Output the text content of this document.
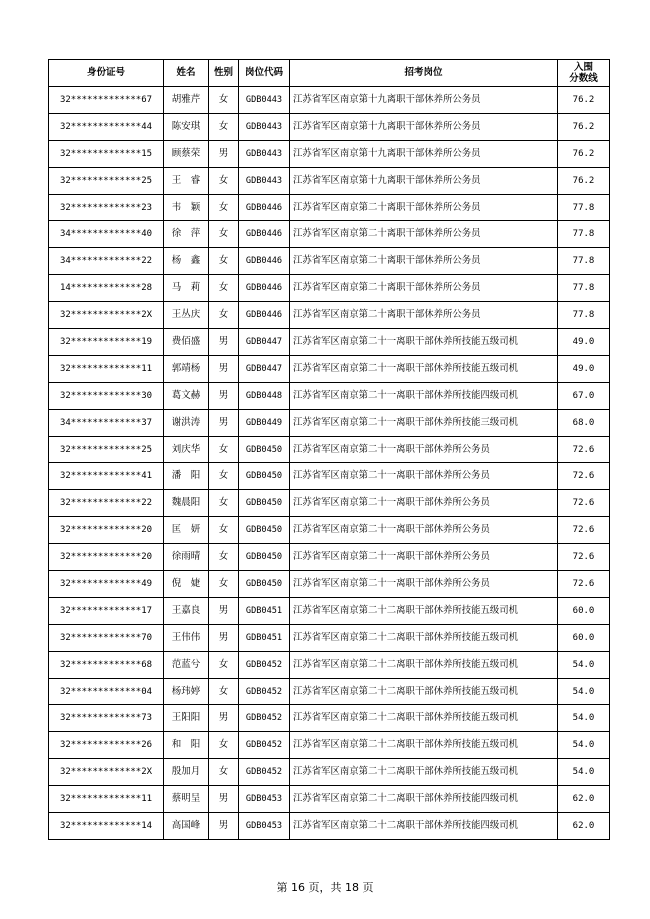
身份证号	姓名	性别	岗位代码	招考岗位	入围
分数线
32*************67	胡雅芹	女	GDB0443	江苏省军区南京第十九离职干部休养所公务员	76.2
32*************44	陈安琪	女	GDB0443	江苏省军区南京第十九离职干部休养所公务员	76.2
32*************15	顾蔡荣	男	GDB0443	江苏省军区南京第十九离职干部休养所公务员	76.2
32*************25	王　睿	女	GDB0443	江苏省军区南京第十九离职干部休养所公务员	76.2
32*************23	韦　颖	女	GDB0446	江苏省军区南京第二十离职干部休养所公务员	77.8
34*************40	徐　萍	女	GDB0446	江苏省军区南京第二十离职干部休养所公务员	77.8
34*************22	杨　鑫	女	GDB0446	江苏省军区南京第二十离职干部休养所公务员	77.8
14*************28	马　莉	女	GDB0446	江苏省军区南京第二十离职干部休养所公务员	77.8
32*************2X	王丛庆	女	GDB0446	江苏省军区南京第二十离职干部休养所公务员	77.8
32*************19	费佰盛	男	GDB0447	江苏省军区南京第二十一离职干部休养所技能五级司机	49.0
32*************11	郭靖杨	男	GDB0447	江苏省军区南京第二十一离职干部休养所技能五级司机	49.0
32*************30	葛文赫	男	GDB0448	江苏省军区南京第二十一离职干部休养所技能四级司机	67.0
34*************37	谢洪涛	男	GDB0449	江苏省军区南京第二十一离职干部休养所技能三级司机	68.0
32*************25	刘庆华	女	GDB0450	江苏省军区南京第二十一离职干部休养所公务员	72.6
32*************41	潘　阳	女	GDB0450	江苏省军区南京第二十一离职干部休养所公务员	72.6
32*************22	魏晨阳	女	GDB0450	江苏省军区南京第二十一离职干部休养所公务员	72.6
32*************20	匡　妍	女	GDB0450	江苏省军区南京第二十一离职干部休养所公务员	72.6
32*************20	徐雨晴	女	GDB0450	江苏省军区南京第二十一离职干部休养所公务员	72.6
32*************49	倪　婕	女	GDB0450	江苏省军区南京第二十一离职干部休养所公务员	72.6
32*************17	王嘉良	男	GDB0451	江苏省军区南京第二十二离职干部休养所技能五级司机	60.0
32*************70	王伟伟	男	GDB0451	江苏省军区南京第二十二离职干部休养所技能五级司机	60.0
32*************68	范蓝兮	女	GDB0452	江苏省军区南京第二十二离职干部休养所技能五级司机	54.0
32*************04	杨玮婷	女	GDB0452	江苏省军区南京第二十二离职干部休养所技能五级司机	54.0
32*************73	王阳阳	男	GDB0452	江苏省军区南京第二十二离职干部休养所技能五级司机	54.0
32*************26	和　阳	女	GDB0452	江苏省军区南京第二十二离职干部休养所技能五级司机	54.0
32*************2X	殷加月	女	GDB0452	江苏省军区南京第二十二离职干部休养所技能五级司机	54.0
32*************11	蔡明呈	男	GDB0453	江苏省军区南京第二十二离职干部休养所技能四级司机	62.0
32*************14	高国峰	男	GDB0453	江苏省军区南京第二十二离职干部休养所技能四级司机	62.0
第 16 页，共 18 页
